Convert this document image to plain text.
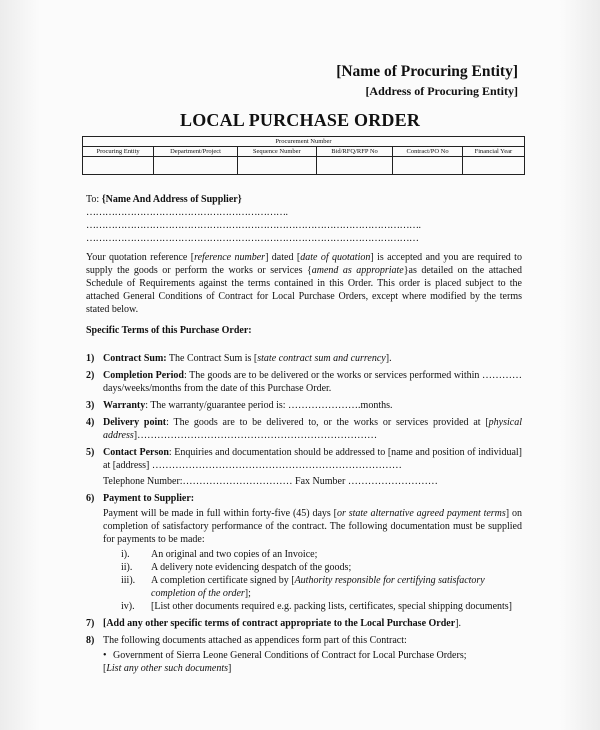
[Name of Procuring Entity]
[Address of Procuring Entity]
LOCAL PURCHASE ORDER
Procurement Number					
Procuring Entity	Department/Project	Sequence Number	Bid/RFQ/RFP No	Contract/PO No	Financial Year

To: {Name And Address of Supplier}
……………………………………………………….
…………………………………………………………………………………………….
……………………………………………………………………………………………
Your quotation reference [reference number] dated [date of quotation] is accepted and you are required to supply the goods or perform the works or services {amend as appropriate}as detailed on the attached Schedule of Requirements against the terms contained in this Order. This order is placed subject to the attached General Conditions of Contract for Local Purchase Orders, except where modified by the terms stated below.
Specific Terms of this Purchase Order:
1) Contract Sum: The Contract Sum is [state contract sum and currency].
2) Completion Period: The goods are to be delivered or the works or services performed within ………… days/weeks/months from the date of this Purchase Order.
3) Warranty: The warranty/guarantee period is: ………………….months.
4) Delivery point: The goods are to be delivered to, or the works or services provided at [physical address]………………………………………………………………
5) Contact Person: Enquiries and documentation should be addressed to [name and position of individual] at [address] …………………………………………………………………
Telephone Number:…………………………… Fax Number ………………………
6) Payment to Supplier:
Payment will be made in full within forty-five (45) days [or state alternative agreed payment terms] on completion of satisfactory performance of the contract. The following documentation must be supplied for payments to be made:
i).	An original and two copies of an Invoice;
ii).	A delivery note evidencing despatch of the goods;
iii).	A completion certificate signed by [Authority responsible for certifying satisfactory completion of the order];
iv).	[List other documents required e.g. packing lists, certificates, special shipping documents]
7) [Add any other specific terms of contract appropriate to the Local Purchase Order].
8) The following documents attached as appendices form part of this Contract:
• Government of Sierra Leone General Conditions of Contract for Local Purchase Orders;
[List any other such documents]
